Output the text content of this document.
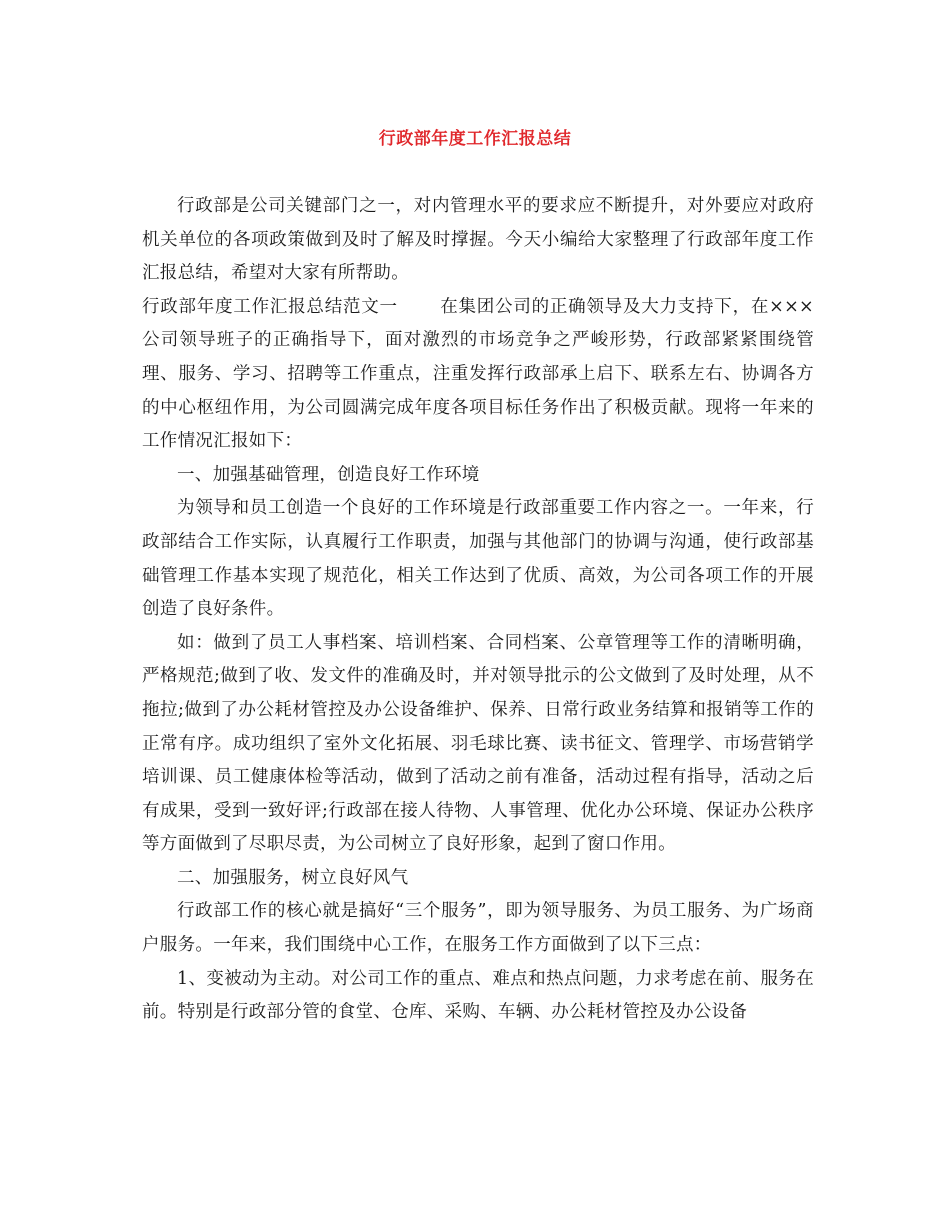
行政部年度工作汇报总结

行政部是公司关键部门之一，对内管理水平的要求应不断提升，对外要应对政府机关单位的各项政策做到及时了解及时撑握。今天小编给大家整理了行政部年度工作汇报总结，希望对大家有所帮助。

行政部年度工作汇报总结范文一 在集团公司的正确领导及大力支持下，在×××公司领导班子的正确指导下，面对激烈的市场竞争之严峻形势，行政部紧紧围绕管理、服务、学习、招聘等工作重点，注重发挥行政部承上启下、联系左右、协调各方的中心枢纽作用，为公司圆满完成年度各项目标任务作出了积极贡献。现将一年来的工作情况汇报如下：

一、加强基础管理，创造良好工作环境

为领导和员工创造一个良好的工作环境是行政部重要工作内容之一。一年来，行政部结合工作实际，认真履行工作职责，加强与其他部门的协调与沟通，使行政部基础管理工作基本实现了规范化，相关工作达到了优质、高效，为公司各项工作的开展创造了良好条件。

如：做到了员工人事档案、培训档案、合同档案、公章管理等工作的清晰明确，严格规范;做到了收、发文件的准确及时，并对领导批示的公文做到了及时处理，从不拖拉;做到了办公耗材管控及办公设备维护、保养、日常行政业务结算和报销等工作的正常有序。成功组织了室外文化拓展、羽毛球比赛、读书征文、管理学、市场营销学培训课、员工健康体检等活动，做到了活动之前有准备，活动过程有指导，活动之后有成果，受到一致好评;行政部在接人待物、人事管理、优化办公环境、保证办公秩序等方面做到了尽职尽责，为公司树立了良好形象，起到了窗口作用。

二、加强服务，树立良好风气

行政部工作的核心就是搞好“三个服务”，即为领导服务、为员工服务、为广场商户服务。一年来，我们围绕中心工作，在服务工作方面做到了以下三点：

1、变被动为主动。对公司工作的重点、难点和热点问题，力求考虑在前、服务在前。特别是行政部分管的食堂、仓库、采购、车辆、办公耗材管控及办公设备
